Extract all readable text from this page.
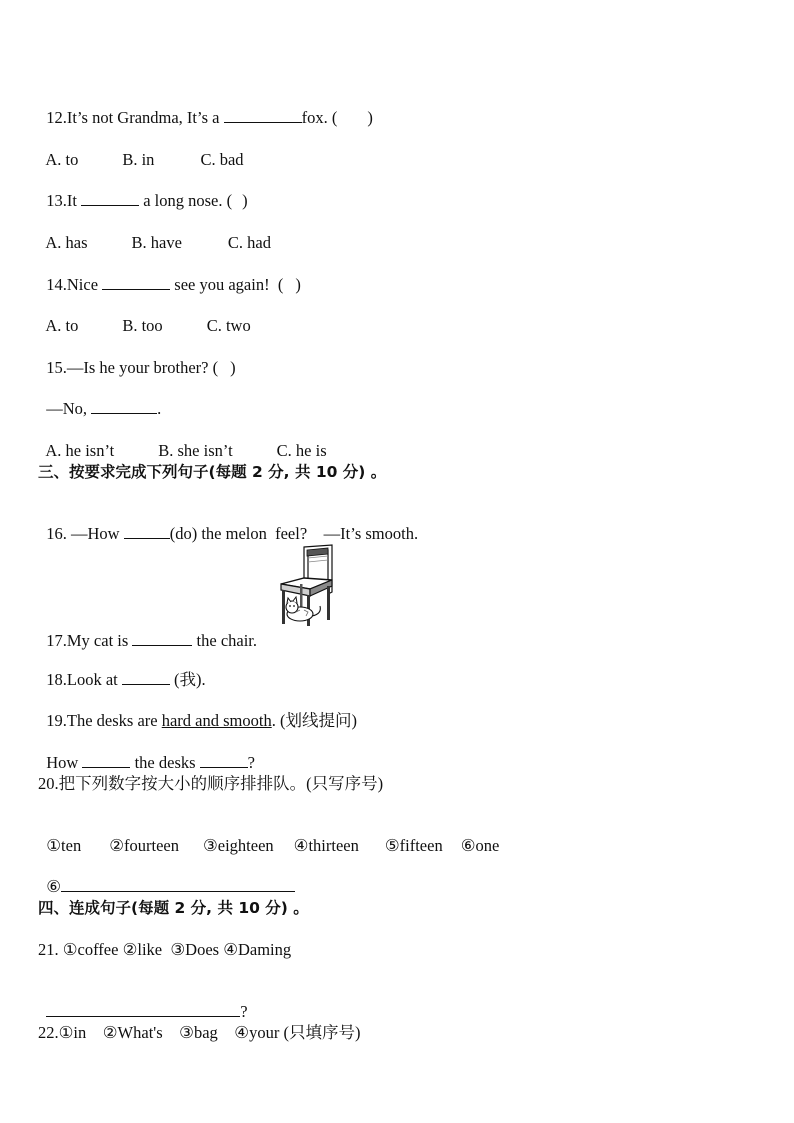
12.It’s not Grandma, It’s a	fox. ( )

A. to	B. in	C. bad

13.It	a long nose. ( )

A. has	B. have	C. had

14.Nice	see you again!  ( )

A. to	B. too	C. two

15.—Is he your brother? ( )

—No,	.

A. he isn’t	B. she isn’t	C. he is

三、按要求完成下列句子(每题 2 分, 共 10 分) 。

16. —How	(do) the melon  feel?    —It’s smooth.

17.My cat is	the chair.

18.Look at	(我).

19.The desks are hard and smooth. (划线提问)

How	the desks	?

20.把下列数字按大小的顺序排排队。(只写序号)

①ten ②fourteen ③eighteen ④thirteen ⑤fifteen ⑥one

⑥

四、连成句子(每题 2 分, 共 10 分) 。
21. ①coffee ②like  ③Does ④Daming

?

22.①in    ②What's    ③bag    ④your (只填序号)
